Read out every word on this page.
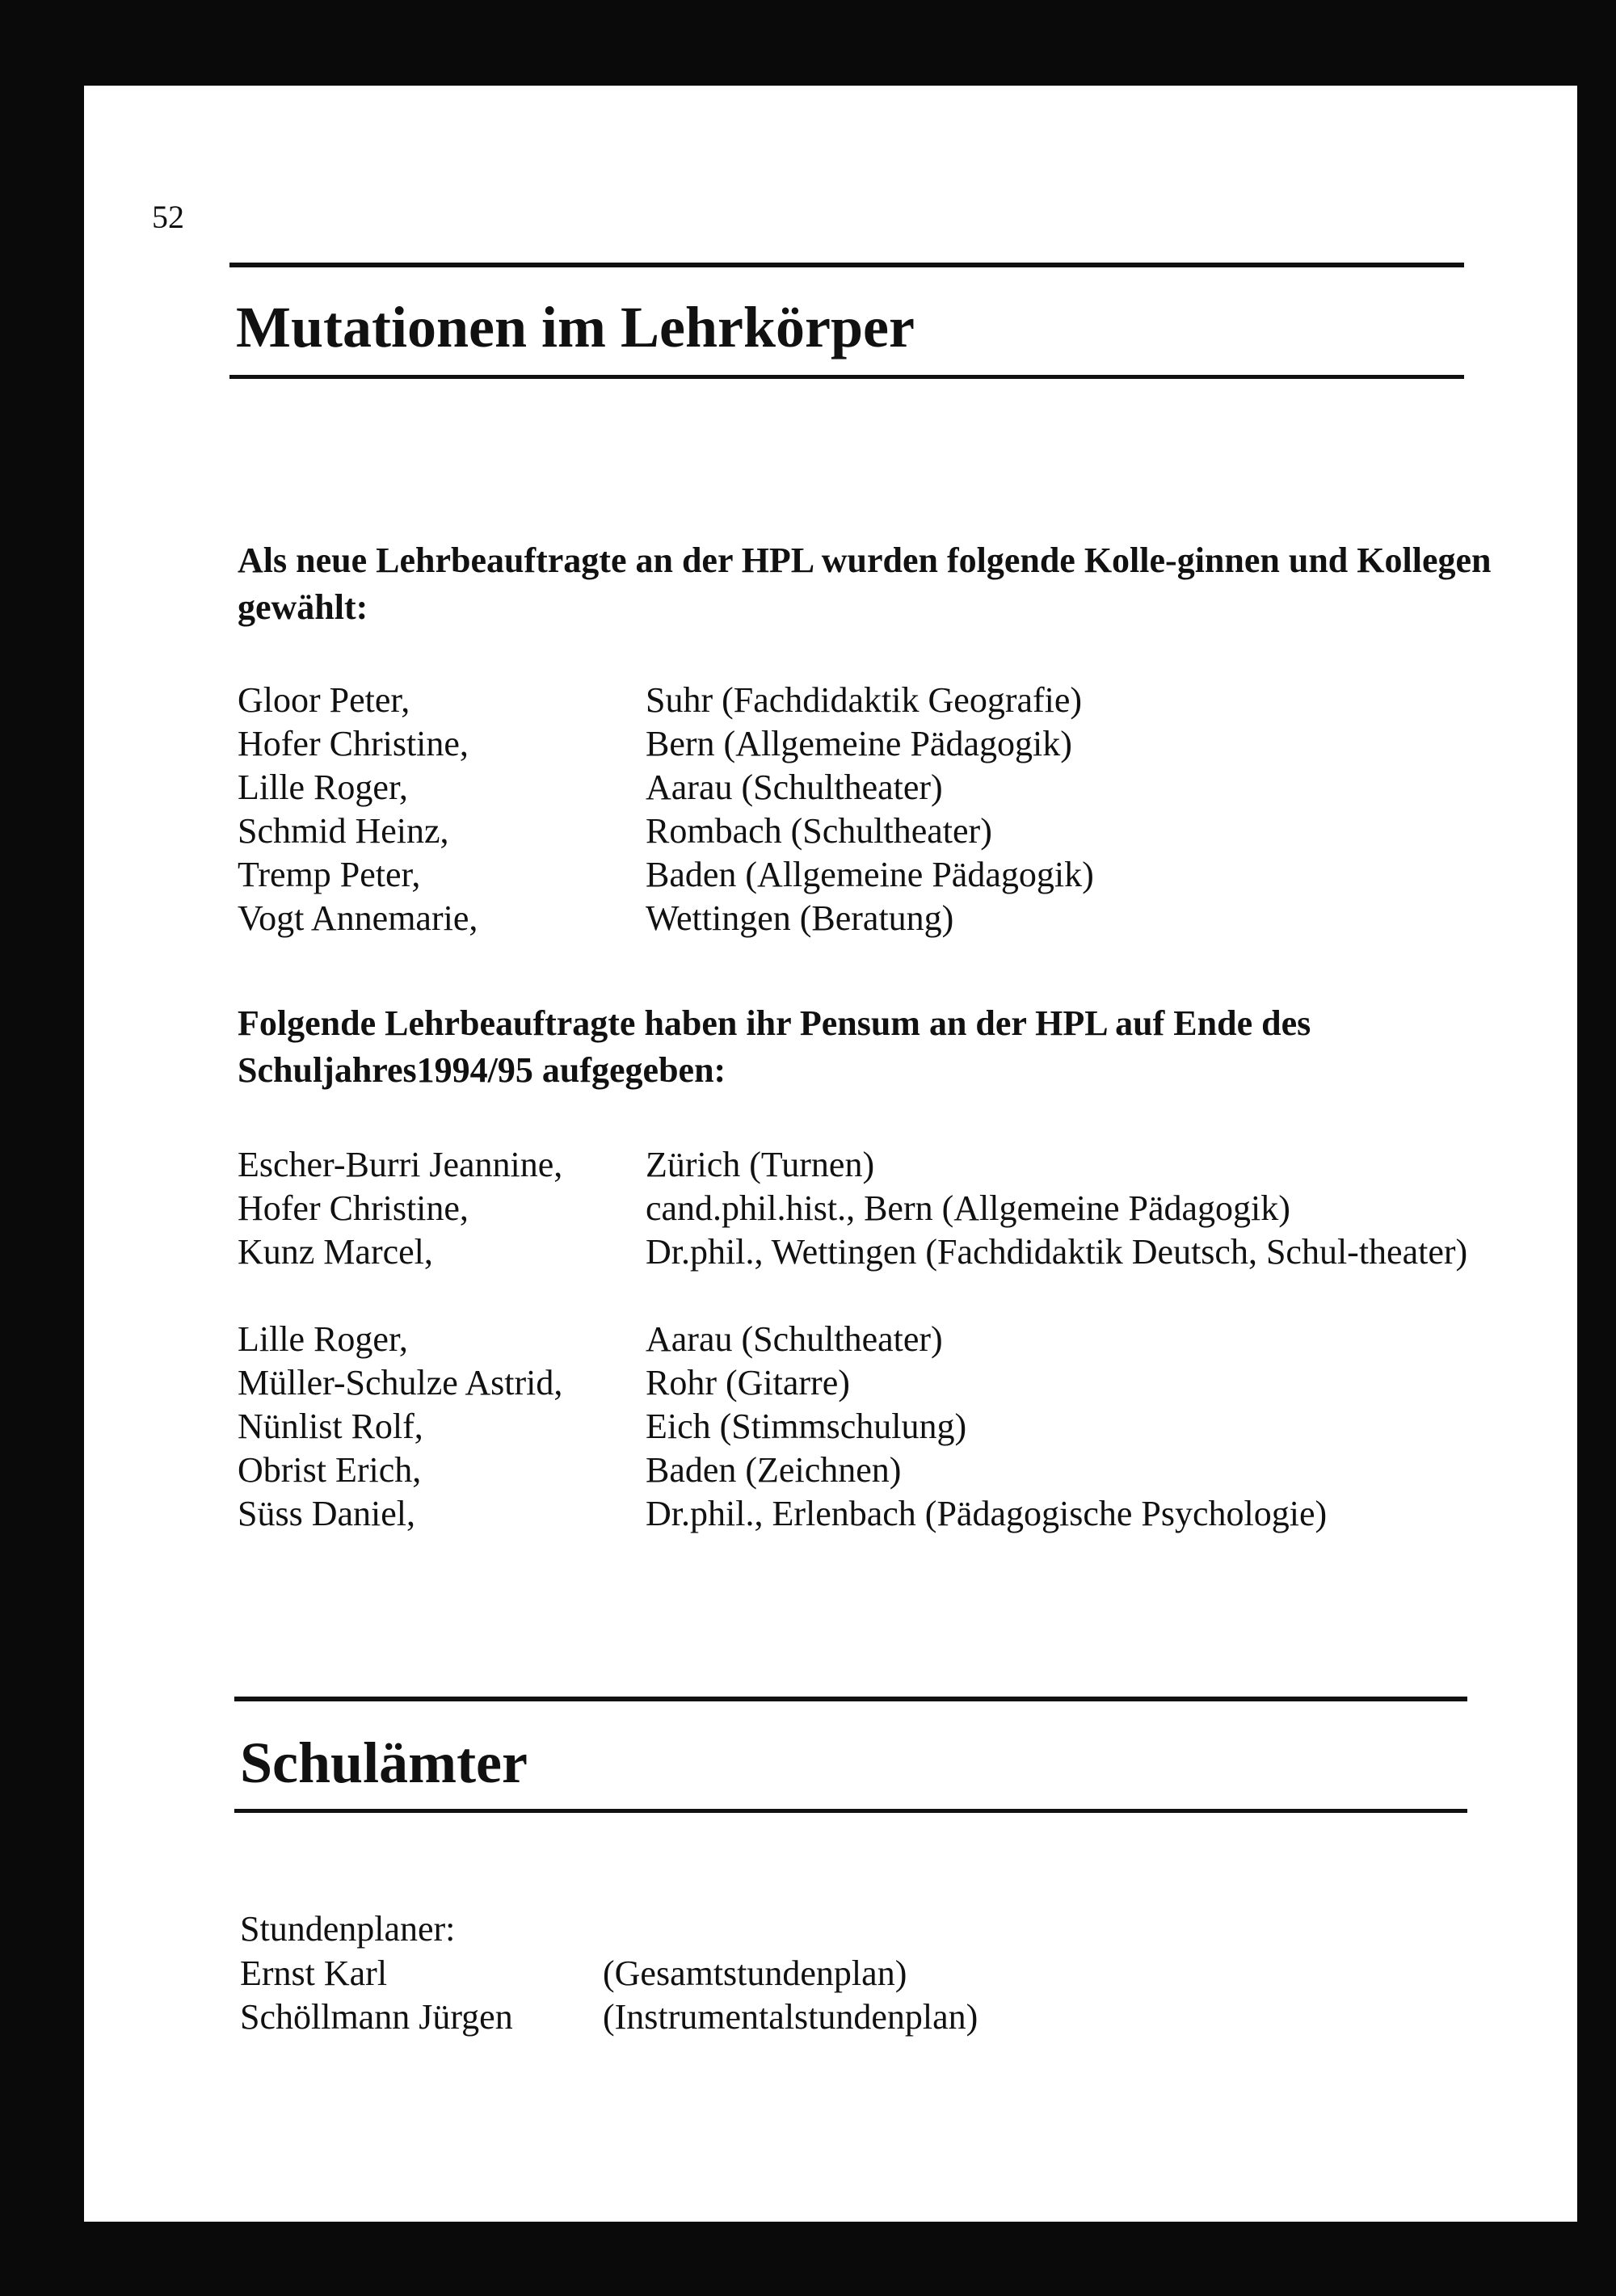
52
Mutationen im Lehrkörper
Als neue Lehrbeauftragte an der HPL wurden folgende Kolle-ginnen und Kollegen gewählt:
Gloor Peter,	Suhr (Fachdidaktik Geografie)
Hofer Christine,	Bern (Allgemeine Pädagogik)
Lille Roger,	Aarau (Schultheater)
Schmid Heinz,	Rombach (Schultheater)
Tremp Peter,	Baden (Allgemeine Pädagogik)
Vogt Annemarie,	Wettingen (Beratung)
Folgende Lehrbeauftragte haben ihr Pensum an der HPL auf Ende des Schuljahres1994/95 aufgegeben:
Escher-Burri Jeannine, Zürich (Turnen)
Hofer Christine,	cand.phil.hist., Bern (Allgemeine Pädagogik)
Kunz Marcel,	Dr.phil., Wettingen (Fachdidaktik Deutsch, Schul-theater)
Lille Roger,	Aarau (Schultheater)
Müller-Schulze Astrid, Rohr (Gitarre)
Nünlist Rolf,	Eich (Stimmschulung)
Obrist Erich,	Baden (Zeichnen)
Süss Daniel,	Dr.phil., Erlenbach (Pädagogische Psychologie)
Schulämter
Stundenplaner:
Ernst Karl	(Gesamtstundenplan)
Schöllmann Jürgen	(Instrumentalstundenplan)
